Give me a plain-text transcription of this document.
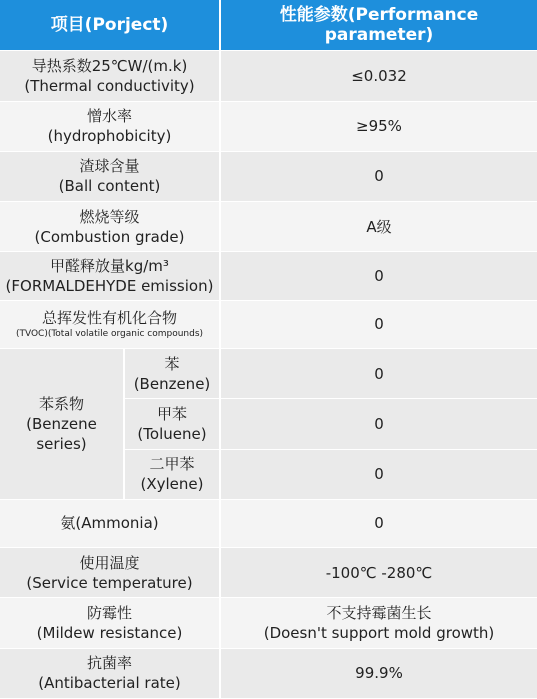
项目(Porject)		性能参数(Performance parameter)

导热系数25℃W/(m.k)
(Thermal conductivity)		≤0.032

憎水率
(hydrophobicity)		≥95%

渣球含量
(Ball content)		0

燃烧等级
(Combustion grade)		A级

甲醛释放量kg/m³
(FORMALDEHYDE emission)		0

总挥发性有机化合物
(TVOC)(Total volatile organic compounds)		0

苯系物
(Benzene series)	苯
(Benzene)	0

	甲苯
(Toluene)	0

	二甲苯
(Xylene)	0

氨(Ammonia)		0

使用温度
(Service temperature)		-100℃ -280℃

防霉性
(Mildew resistance)		不支持霉菌生长
(Doesn't support mold growth)

抗菌率
(Antibacterial rate)		99.9%
